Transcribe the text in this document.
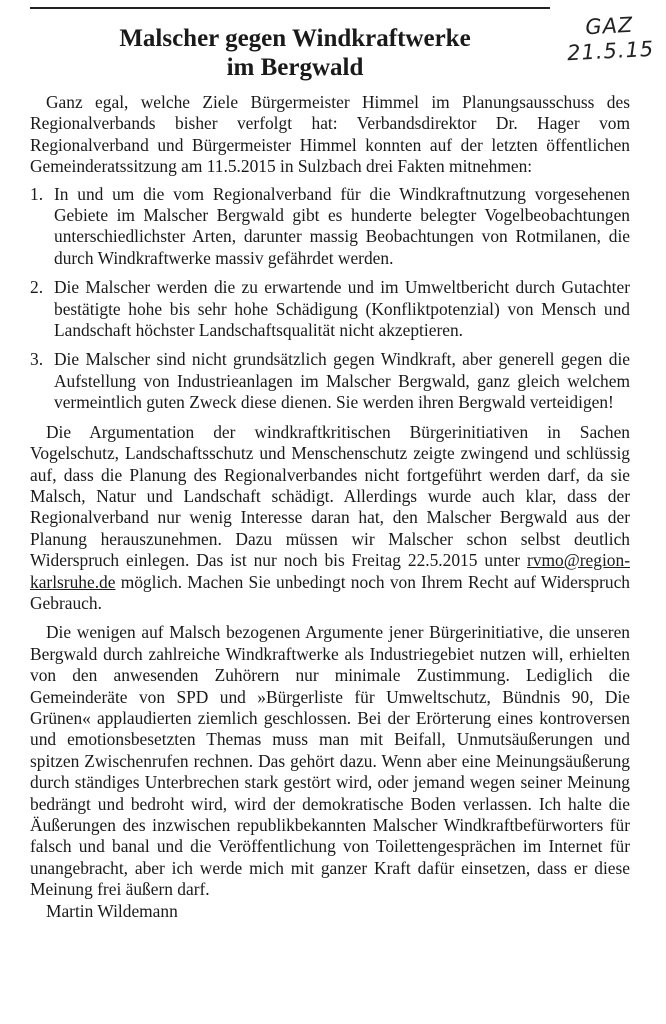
GAZ
21.5.15
Malscher gegen Windkraftwerke
im Bergwald

Ganz egal, welche Ziele Bürgermeister Himmel im Planungsausschuss des Regionalverbands bisher verfolgt hat: Verbandsdirektor Dr. Hager vom Regionalverband und Bürgermeister Himmel konnten auf der letzten öffentlichen Gemeinderatssitzung am 11.5.2015 in Sulzbach drei Fakten mitnehmen:

1. In und um die vom Regionalverband für die Windkraftnutzung vorgesehenen Gebiete im Malscher Bergwald gibt es hunderte belegter Vogelbeobachtungen unterschiedlichster Arten, darunter massig Beobachtungen von Rotmilanen, die durch Windkraftwerke massiv gefährdet werden.
2. Die Malscher werden die zu erwartende und im Umweltbericht durch Gutachter bestätigte hohe bis sehr hohe Schädigung (Konfliktpotenzial) von Mensch und Landschaft höchster Landschaftsqualität nicht akzeptieren.
3. Die Malscher sind nicht grundsätzlich gegen Windkraft, aber generell gegen die Aufstellung von Industrieanlagen im Malscher Bergwald, ganz gleich welchem vermeintlich guten Zweck diese dienen. Sie werden ihren Bergwald verteidigen!

Die Argumentation der windkraftkritischen Bürgerinitiativen in Sachen Vogelschutz, Landschaftsschutz und Menschenschutz zeigte zwingend und schlüssig auf, dass die Planung des Regionalverbandes nicht fortgeführt werden darf, da sie Malsch, Natur und Landschaft schädigt. Allerdings wurde auch klar, dass der Regionalverband nur wenig Interesse daran hat, den Malscher Bergwald aus der Planung herauszunehmen. Dazu müssen wir Malscher schon selbst deutlich Widerspruch einlegen. Das ist nur noch bis Freitag 22.5.2015 unter rvmo@region-karlsruhe.de möglich. Machen Sie unbedingt noch von Ihrem Recht auf Widerspruch Gebrauch.

Die wenigen auf Malsch bezogenen Argumente jener Bürgerinitiative, die unseren Bergwald durch zahlreiche Windkraftwerke als Industriegebiet nutzen will, erhielten von den anwesenden Zuhörern nur minimale Zustimmung. Lediglich die Gemeinderäte von SPD und »Bürgerliste für Umweltschutz, Bündnis 90, Die Grünen« applaudierten ziemlich geschlossen. Bei der Erörterung eines kontroversen und emotionsbesetzten Themas muss man mit Beifall, Unmutsäußerungen und spitzen Zwischenrufen rechnen. Das gehört dazu. Wenn aber eine Meinungsäußerung durch ständiges Unterbrechen stark gestört wird, oder jemand wegen seiner Meinung bedrängt und bedroht wird, wird der demokratische Boden verlassen. Ich halte die Äußerungen des inzwischen republikbekannten Malscher Windkraftbefürworters für falsch und banal und die Veröffentlichung von Toilettengesprächen im Internet für unangebracht, aber ich werde mich mit ganzer Kraft dafür einsetzen, dass er diese Meinung frei äußern darf.

Martin Wildemann
